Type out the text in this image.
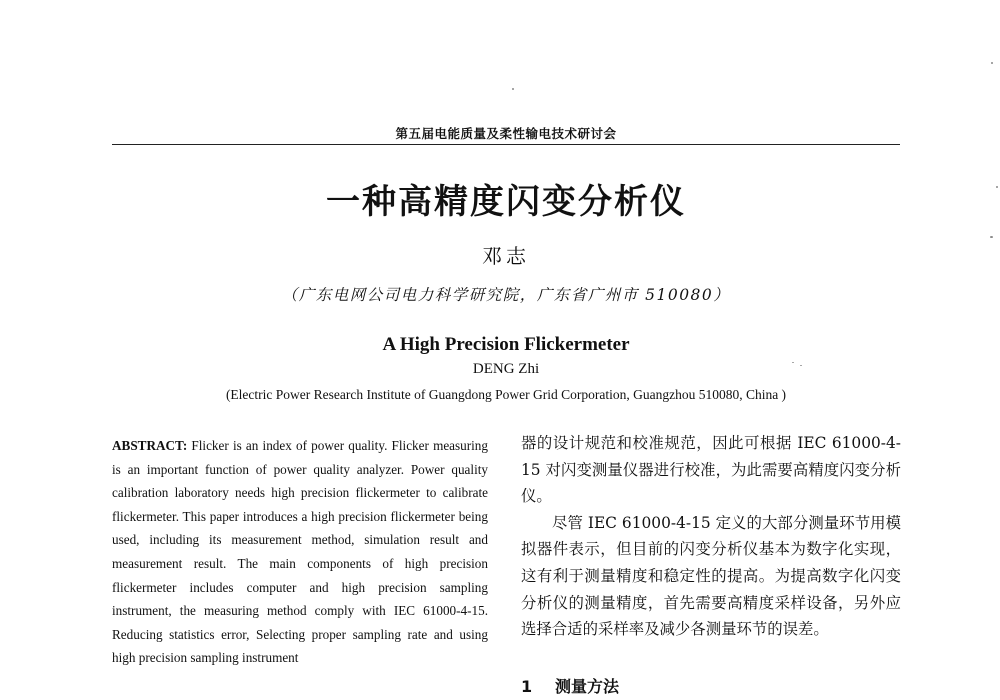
第五届电能质量及柔性输电技术研讨会
一种高精度闪变分析仪
邓志
（广东电网公司电力科学研究院，广东省广州市 510080）
A High Precision Flickermeter
DENG Zhi
(Electric Power Research Institute of Guangdong Power Grid Corporation, Guangzhou 510080, China )
ABSTRACT: Flicker is an index of power quality. Flicker measuring is an important function of power quality analyzer. Power quality calibration laboratory needs high precision flickermeter to calibrate flickermeter. This paper introduces a high precision flickermeter being used, including its measurement method, simulation result and measurement result. The main components of high precision flickermeter includes computer and high precision sampling instrument, the measuring method comply with IEC 61000-4-15. Reducing statistics error, Selecting proper sampling rate and using high precision sampling instrument

器的设计规范和校准规范，因此可根据 IEC 61000-4-15 对闪变测量仪器进行校准，为此需要高精度闪变分析仪。

尽管 IEC 61000-4-15 定义的大部分测量环节用模拟器件表示，但目前的闪变分析仪基本为数字化实现，这有利于测量精度和稳定性的提高。为提高数字化闪变分析仪的测量精度，首先需要高精度采样设备，另外应选择合适的采样率及减少各测量环节的误差。

1 测量方法
